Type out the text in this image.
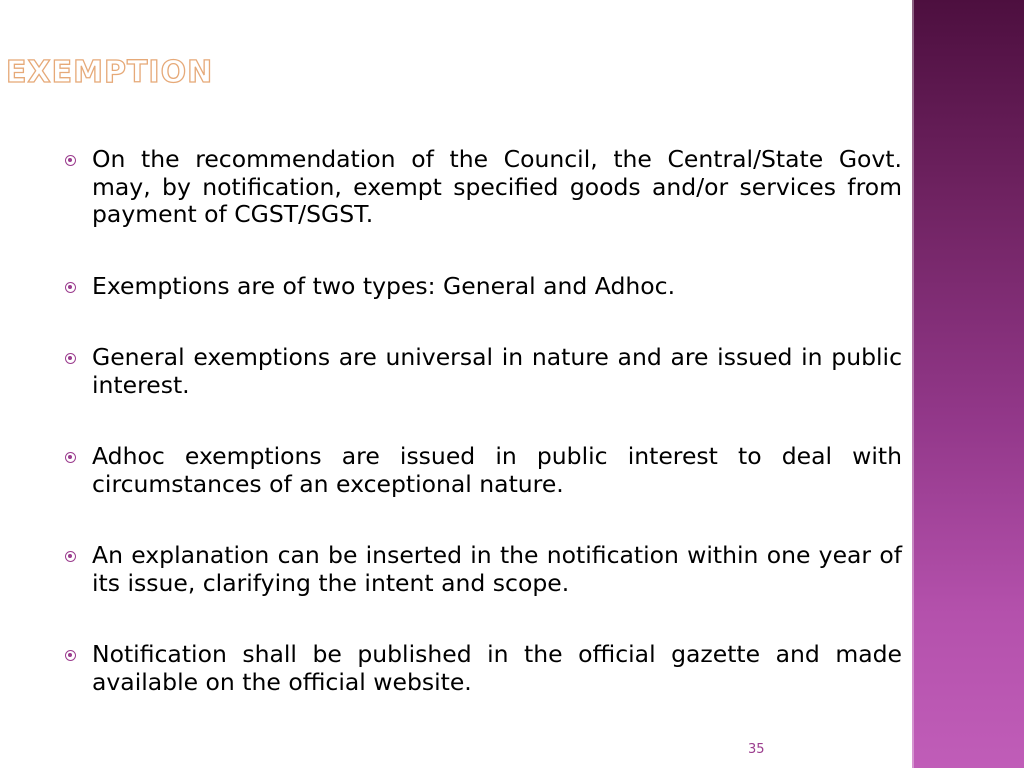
EXEMPTION
On the recommendation of the Council, the Central/State Govt. may, by notification, exempt specified goods and/or services from payment of CGST/SGST.
Exemptions are of two types: General and Adhoc.
General exemptions are universal in nature and are issued in public interest.
Adhoc exemptions are issued in public interest to deal with circumstances of an exceptional nature.
An explanation can be inserted in the notification within one year of its issue, clarifying the intent and scope.
Notification shall be published in the official gazette and made available on the official website.
35
